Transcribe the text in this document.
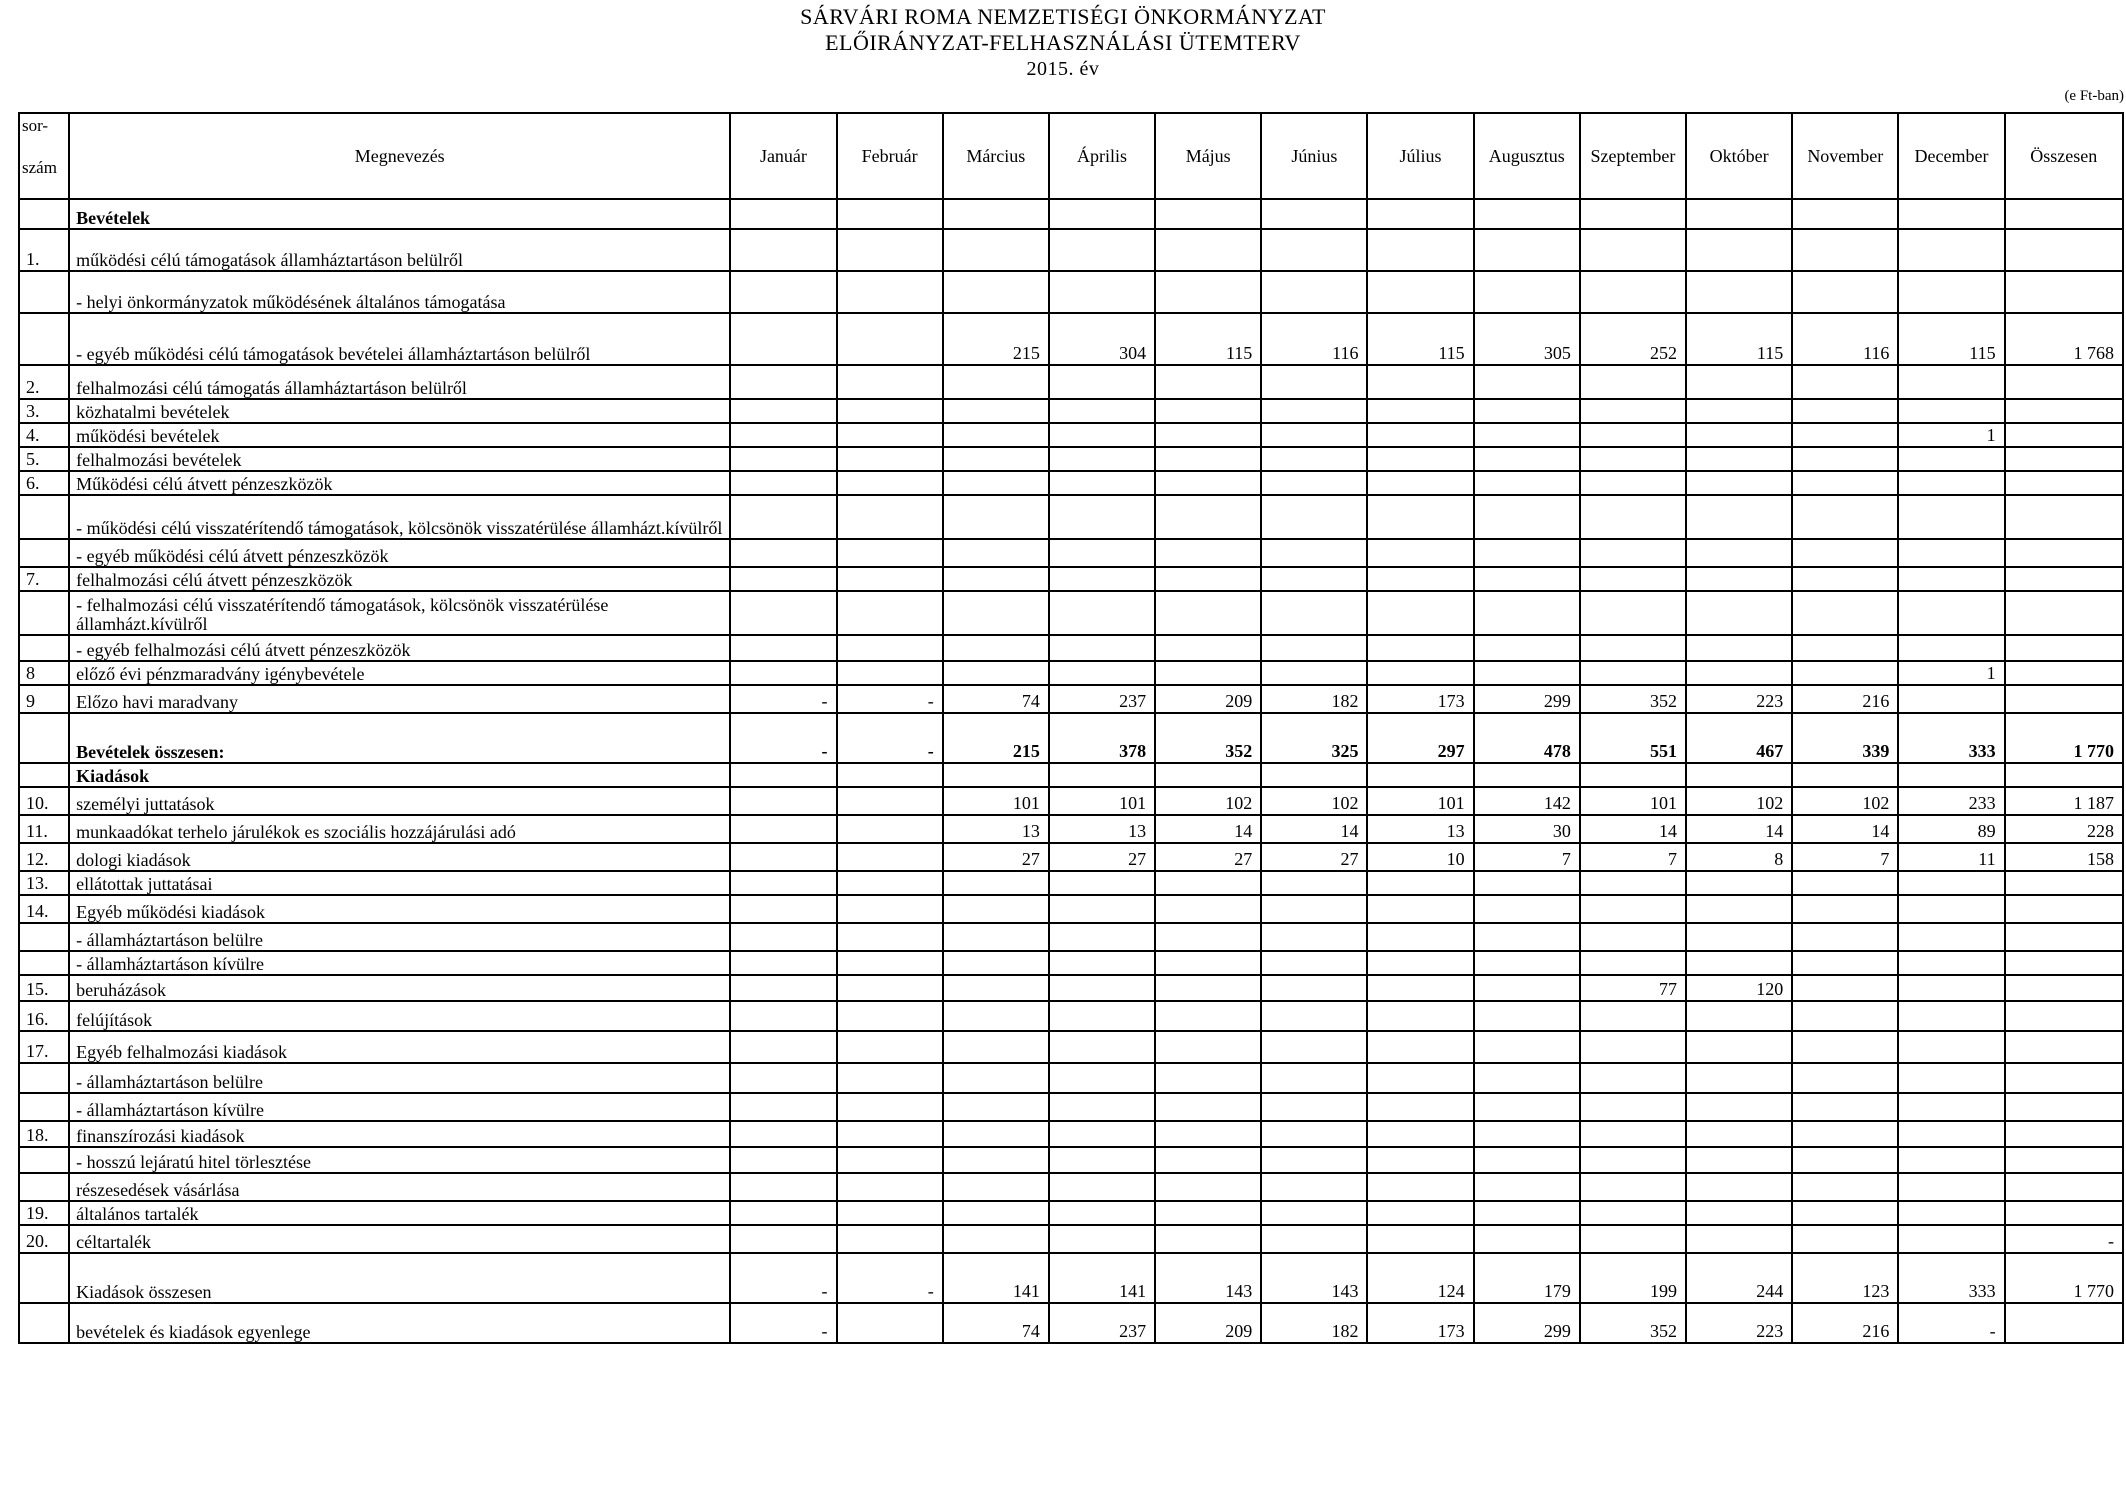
SÁRVÁRI ROMA NEMZETISÉGI ÖNKORMÁNYZAT
ELŐIRÁNYZAT-FELHASZNÁLÁSI ÜTEMTERV
2015. év
(e Ft-ban)
sor-
szám	Megnevezés	Január	Február	Március	Április	Május	Június	Július	Augusztus	Szeptember	Október	November	December	Összesen
	Bevételek													
1.	működési célú támogatások államháztartáson belülről													
	- helyi önkormányzatok működésének általános támogatása													
	- egyéb működési célú támogatások bevételei államháztartáson belülről			215	304	115	116	115	305	252	115	116	115	1 768
2.	felhalmozási célú támogatás államháztartáson belülről													
3.	közhatalmi bevételek													
4.	működési bevételek												1	
5.	felhalmozási bevételek													
6.	Működési célú átvett pénzeszközök													
	- működési célú visszatérítendő támogatások, kölcsönök visszatérülése államházt.kívülről													
	- egyéb működési célú átvett pénzeszközök													
7.	felhalmozási célú átvett pénzeszközök													
	- felhalmozási célú visszatérítendő támogatások, kölcsönök visszatérülése államházt.kívülről													
	- egyéb felhalmozási célú átvett pénzeszközök													
8	előző évi pénzmaradvány igénybevétele												1	
9	Előzo havi maradvany	-	-	74	237	209	182	173	299	352	223	216		
	Bevételek összesen:	-	-	215	378	352	325	297	478	551	467	339	333	1 770
	Kiadások													
10.	személyi juttatások			101	101	102	102	101	142	101	102	102	233	1 187
11.	munkaadókat terhelo járulékok es szociális hozzájárulási adó			13	13	14	14	13	30	14	14	14	89	228
12.	dologi kiadások			27	27	27	27	10	7	7	8	7	11	158
13.	ellátottak juttatásai													
14.	Egyéb működési kiadások													
	- államháztartáson belülre													
	- államháztartáson kívülre													
15.	beruházások									77	120			
16.	felújítások													
17.	Egyéb felhalmozási kiadások													
	- államháztartáson belülre													
	- államháztartáson kívülre													
18.	finanszírozási kiadások													
	- hosszú lejáratú hitel törlesztése													
	részesedések vásárlása													
19.	általános tartalék													
20.	céltartalék													-
	Kiadások összesen	-	-	141	141	143	143	124	179	199	244	123	333	1 770
	bevételek és kiadások egyenlege	-		74	237	209	182	173	299	352	223	216	-	
